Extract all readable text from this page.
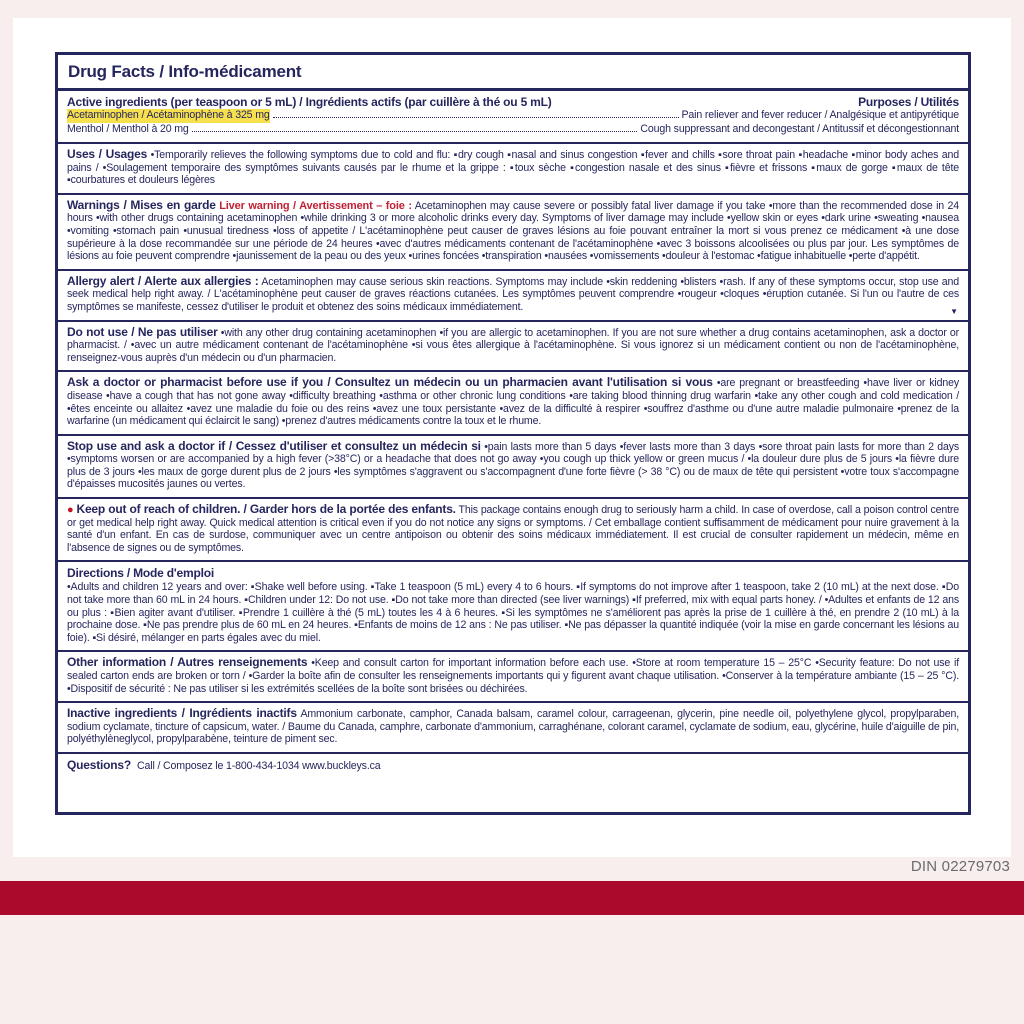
Drug Facts / Info-médicament
Active ingredients (per teaspoon or 5 mL) / Ingrédients actifs (par cuillère à thé ou 5 mL)	Purposes / Utilités
Acetaminophen / Acétaminophène à 325 mg	Pain reliever and fever reducer / Analgésique et antipyrétique
Menthol / Menthol à 20 mg	Cough suppressant and decongestant / Antitussif et décongestionnant

Uses / Usages •Temporarily relieves the following symptoms due to cold and flu: ▪dry cough ▪nasal and sinus congestion ▪fever and chills ▪sore throat pain ▪headache ▪minor body aches and pains / •Soulagement temporaire des symptômes suivants causés par le rhume et la grippe : ▪toux sèche ▪congestion nasale et des sinus ▪fièvre et frissons ▪maux de gorge ▪maux de tête ▪courbatures et douleurs légères

Warnings / Mises en garde Liver warning / Avertissement – foie : Acetaminophen may cause severe or possibly fatal liver damage if you take •more than the recommended dose in 24 hours •with other drugs containing acetaminophen •while drinking 3 or more alcoholic drinks every day. Symptoms of liver damage may include •yellow skin or eyes •dark urine •sweating •nausea •vomiting •stomach pain •unusual tiredness •loss of appetite / L'acétaminophène peut causer de graves lésions au foie pouvant entraîner la mort si vous prenez ce médicament •à une dose supérieure à la dose recommandée sur une période de 24 heures •avec d'autres médicaments contenant de l'acétaminophène •avec 3 boissons alcoolisées ou plus par jour. Les symptômes de lésions au foie peuvent comprendre •jaunissement de la peau ou des yeux •urines foncées •transpiration •nausées •vomissements •douleur à l'estomac •fatigue inhabituelle •perte d'appétit.

Allergy alert / Alerte aux allergies : Acetaminophen may cause serious skin reactions. Symptoms may include •skin reddening •blisters •rash. If any of these symptoms occur, stop use and seek medical help right away. / L'acétaminophène peut causer de graves réactions cutanées. Les symptômes peuvent comprendre •rougeur •cloques •éruption cutanée. Si l'un ou l'autre de ces symptômes se manifeste, cessez d'utiliser le produit et obtenez des soins médicaux immédiatement.	▼

Do not use / Ne pas utiliser •with any other drug containing acetaminophen •if you are allergic to acetaminophen. If you are not sure whether a drug contains acetaminophen, ask a doctor or pharmacist. / •avec un autre médicament contenant de l'acétaminophène •si vous êtes allergique à l'acétaminophène. Si vous ignorez si un médicament contient ou non de l'acétaminophène, renseignez-vous auprès d'un médecin ou d'un pharmacien.

Ask a doctor or pharmacist before use if you / Consultez un médecin ou un pharmacien avant l'utilisation si vous •are pregnant or breastfeeding •have liver or kidney disease •have a cough that has not gone away •difficulty breathing •asthma or other chronic lung conditions •are taking blood thinning drug warfarin •take any other cough and cold medication / •êtes enceinte ou allaitez •avez une maladie du foie ou des reins •avez une toux persistante •avez de la difficulté à respirer •souffrez d'asthme ou d'une autre maladie pulmonaire •prenez de la warfarine (un médicament qui éclaircit le sang) •prenez d'autres médicaments contre la toux et le rhume.

Stop use and ask a doctor if / Cessez d'utiliser et consultez un médecin si •pain lasts more than 5 days •fever lasts more than 3 days •sore throat pain lasts for more than 2 days •symptoms worsen or are accompanied by a high fever (>38°C) or a headache that does not go away •you cough up thick yellow or green mucus / •la douleur dure plus de 5 jours •la fièvre dure plus de 3 jours •les maux de gorge durent plus de 2 jours •les symptômes s'aggravent ou s'accompagnent d'une forte fièvre (> 38 °C) ou de maux de tête qui persistent •votre toux s'accompagne d'épaisses mucosités jaunes ou vertes.

● Keep out of reach of children. / Garder hors de la portée des enfants. This package contains enough drug to seriously harm a child. In case of overdose, call a poison control centre or get medical help right away. Quick medical attention is critical even if you do not notice any signs or symptoms. / Cet emballage contient suffisamment de médicament pour nuire gravement à la santé d'un enfant. En cas de surdose, communiquer avec un centre antipoison ou obtenir des soins médicaux immédiatement. Il est crucial de consulter rapidement un médecin, même en l'absence de signes ou de symptômes.

Directions / Mode d'emploi

•Adults and children 12 years and over: ▪Shake well before using. ▪Take 1 teaspoon (5 mL) every 4 to 6 hours. ▪If symptoms do not improve after 1 teaspoon, take 2 (10 mL) at the next dose. ▪Do not take more than 60 mL in 24 hours. ▪Children under 12: Do not use. ▪Do not take more than directed (see liver warnings) ▪If preferred, mix with equal parts honey. / •Adultes et enfants de 12 ans ou plus : ▪Bien agiter avant d'utiliser. ▪Prendre 1 cuillère à thé (5 mL) toutes les 4 à 6 heures. ▪Si les symptômes ne s'améliorent pas après la prise de 1 cuillère à thé, en prendre 2 (10 mL) à la prochaine dose. ▪Ne pas prendre plus de 60 mL en 24 heures. ▪Enfants de moins de 12 ans : Ne pas utiliser. ▪Ne pas dépasser la quantité indiquée (voir la mise en garde concernant les lésions au foie). ▪Si désiré, mélanger en parts égales avec du miel.

Other information / Autres renseignements •Keep and consult carton for important information before each use. •Store at room temperature 15 – 25°C •Security feature: Do not use if sealed carton ends are broken or torn / •Garder la boîte afin de consulter les renseignements importants qui y figurent avant chaque utilisation. •Conserver à la température ambiante (15 – 25 °C). •Dispositif de sécurité : Ne pas utiliser si les extrémités scellées de la boîte sont brisées ou déchirées.

Inactive ingredients / Ingrédients inactifs Ammonium carbonate, camphor, Canada balsam, caramel colour, carrageenan, glycerin, pine needle oil, polyethylene glycol, propylparaben, sodium cyclamate, tincture of capsicum, water. / Baume du Canada, camphre, carbonate d'ammonium, carraghénane, colorant caramel, cyclamate de sodium, eau, glycérine, huile d'aiguille de pin, polyéthylèneglycol, propylparabène, teinture de piment sec.

Questions? Call / Composez le 1-800-434-1034 www.buckleys.ca
DIN 02279703
